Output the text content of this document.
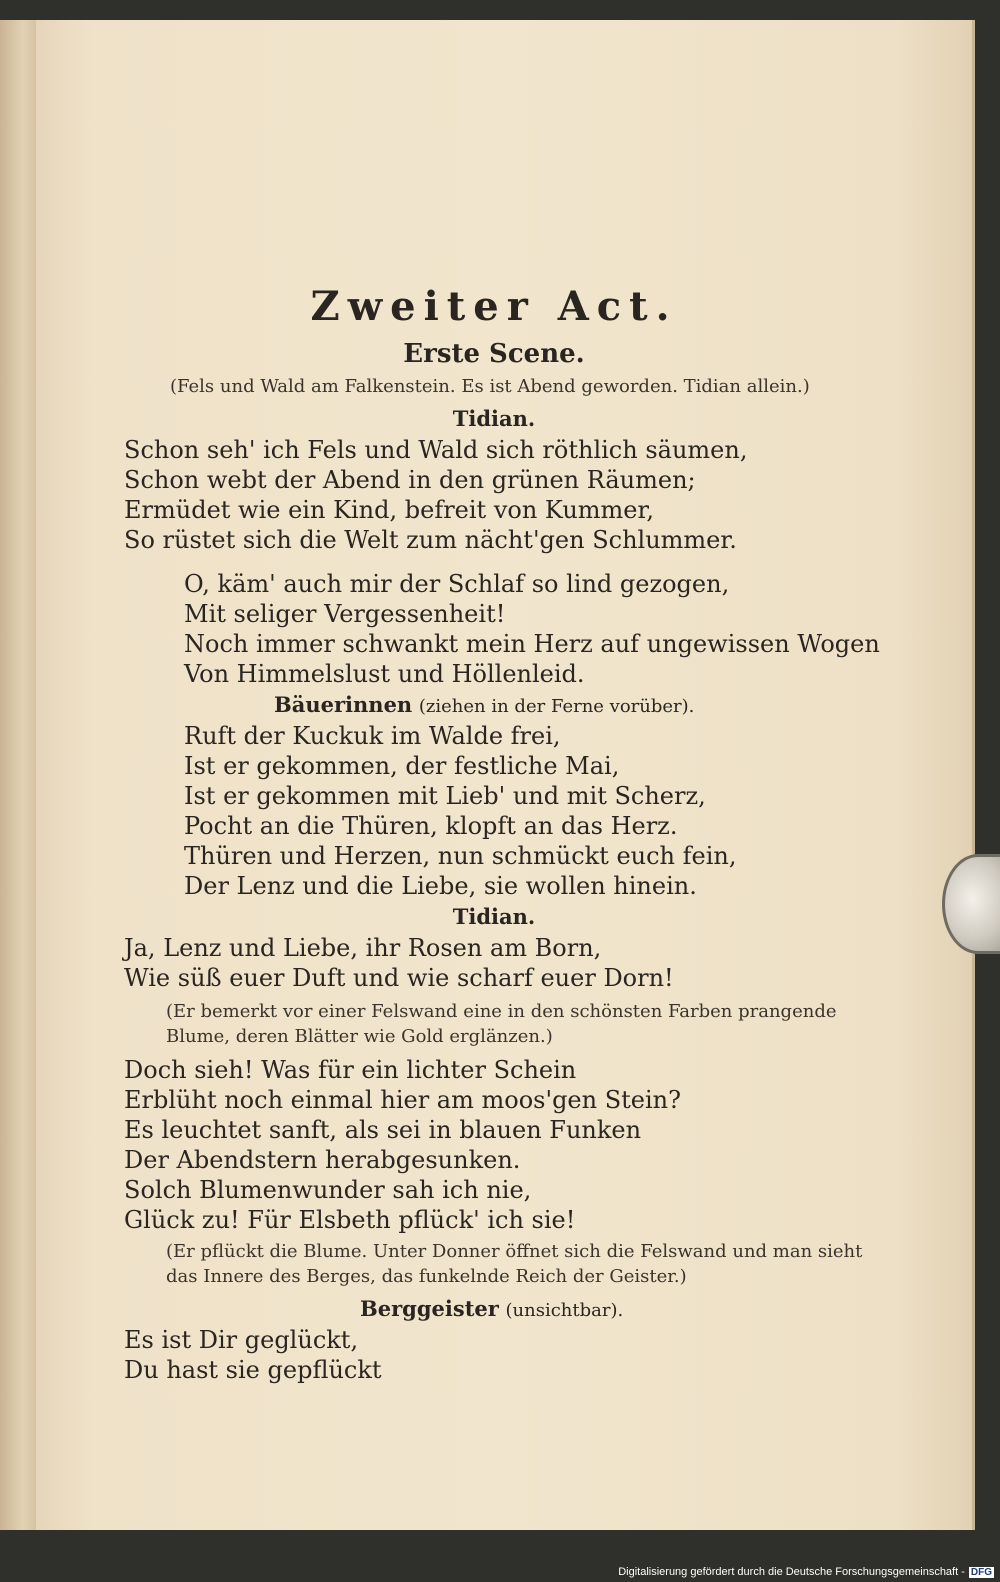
Zweiter Act.
Erste Scene.
(Fels und Wald am Falkenstein. Es ist Abend geworden. Tidian allein.)
Tidian.
Schon seh' ich Fels und Wald sich röthlich säumen,
Schon webt der Abend in den grünen Räumen;
Ermüdet wie ein Kind, befreit von Kummer,
So rüstet sich die Welt zum nächt'gen Schlummer.
O, käm' auch mir der Schlaf so lind gezogen,
Mit seliger Vergessenheit!
Noch immer schwankt mein Herz auf ungewissen Wogen
Von Himmelslust und Höllenleid.
Bäuerinnen (ziehen in der Ferne vorüber).
Ruft der Kuckuk im Walde frei,
Ist er gekommen, der festliche Mai,
Ist er gekommen mit Lieb' und mit Scherz,
Pocht an die Thüren, klopft an das Herz.
Thüren und Herzen, nun schmückt euch fein,
Der Lenz und die Liebe, sie wollen hinein.
Tidian.
Ja, Lenz und Liebe, ihr Rosen am Born,
Wie süß euer Duft und wie scharf euer Dorn!
(Er bemerkt vor einer Felswand eine in den schönsten Farben prangende Blume, deren Blätter wie Gold erglänzen.)
Doch sieh! Was für ein lichter Schein
Erblüht noch einmal hier am moos'gen Stein?
Es leuchtet sanft, als sei in blauen Funken
Der Abendstern herabgesunken.
Solch Blumenwunder sah ich nie,
Glück zu! Für Elsbeth pflück' ich sie!
(Er pflückt die Blume. Unter Donner öffnet sich die Felswand und man sieht das Innere des Berges, das funkelnde Reich der Geister.)
Berggeister (unsichtbar).
Es ist Dir geglückt,
Du hast sie gepflückt
Digitalisierung gefördert durch die Deutsche Forschungsgemeinschaft - DFG
